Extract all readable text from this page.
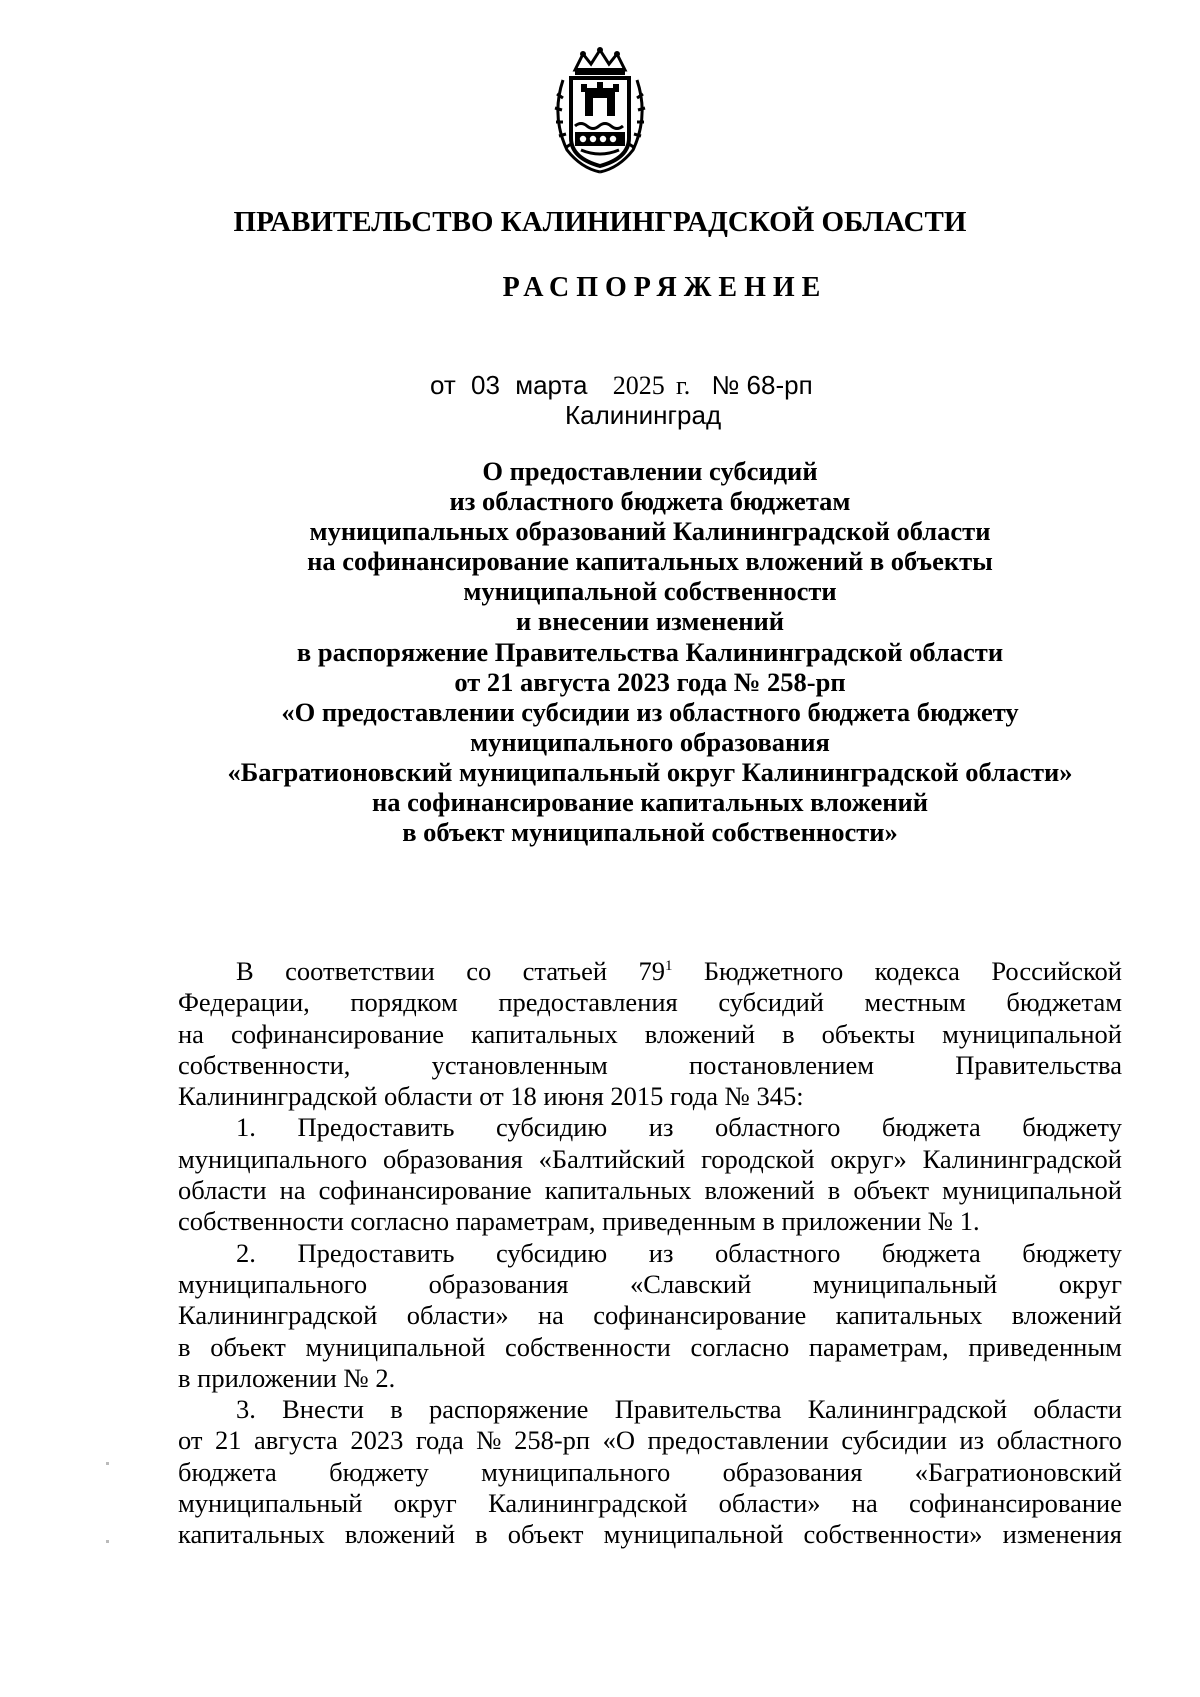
ПРАВИТЕЛЬСТВО КАЛИНИНГРАДСКОЙ ОБЛАСТИ
РАСПОРЯЖЕНИЕ
от 03 марта 2025 г. № 68-рп
Калининград
О предоставлении субсидий
из областного бюджета бюджетам
муниципальных образований Калининградской области
на софинансирование капитальных вложений в объекты
муниципальной собственности
и внесении изменений
в распоряжение Правительства Калининградской области
от 21 августа 2023 года № 258-рп
«О предоставлении субсидии из областного бюджета бюджету
муниципального образования
«Багратионовский муниципальный округ Калининградской области»
на софинансирование капитальных вложений
в объект муниципальной собственности»
В соответствии со статьей $79^1$ Бюджетного кодекса Российской
Федерации, порядком предоставления субсидий местным бюджетам
на софинансирование капитальных вложений в объекты муниципальной
собственности,	установленным	постановлением	Правительства
Калининградской области от 18 июня 2015 года № 345:
1. Предоставить субсидию из областного бюджета бюджету
муниципального образования «Балтийский городской округ» Калининградской
области на софинансирование капитальных вложений в объект муниципальной
собственности согласно параметрам, приведенным в приложении № 1.
2. Предоставить субсидию из областного бюджета бюджету
муниципального образования «Славский муниципальный округ
Калининградской области» на софинансирование капитальных вложений
в объект муниципальной собственности согласно параметрам, приведенным
в приложении № 2.
3. Внести в распоряжение Правительства Калининградской области
от 21 августа 2023 года № 258-рп «О предоставлении субсидии из областного
бюджета бюджету муниципального образования «Багратионовский
муниципальный округ Калининградской области» на софинансирование
капитальных вложений в объект муниципальной собственности» изменения
